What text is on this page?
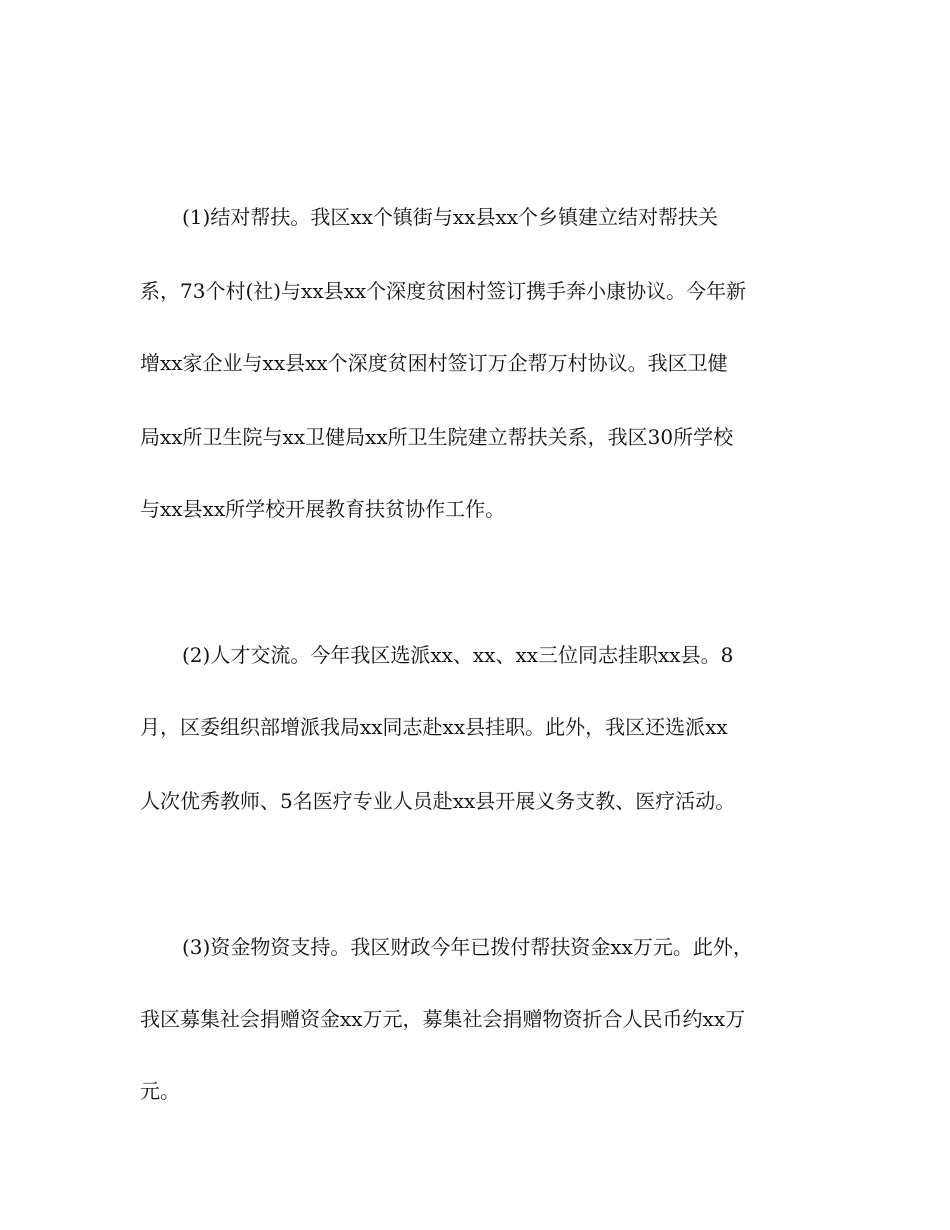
(1)结对帮扶。我区xx个镇街与xx县xx个乡镇建立结对帮扶关

系，73个村(社)与xx县xx个深度贫困村签订携手奔小康协议。今年新

增xx家企业与xx县xx个深度贫困村签订万企帮万村协议。我区卫健

局xx所卫生院与xx卫健局xx所卫生院建立帮扶关系，我区30所学校

与xx县xx所学校开展教育扶贫协作工作。

(2)人才交流。今年我区选派xx、xx、xx三位同志挂职xx县。8

月，区委组织部增派我局xx同志赴xx县挂职。此外，我区还选派xx

人次优秀教师、5名医疗专业人员赴xx县开展义务支教、医疗活动。

(3)资金物资支持。我区财政今年已拨付帮扶资金xx万元。此外，

我区募集社会捐赠资金xx万元，募集社会捐赠物资折合人民币约xx万

元。
